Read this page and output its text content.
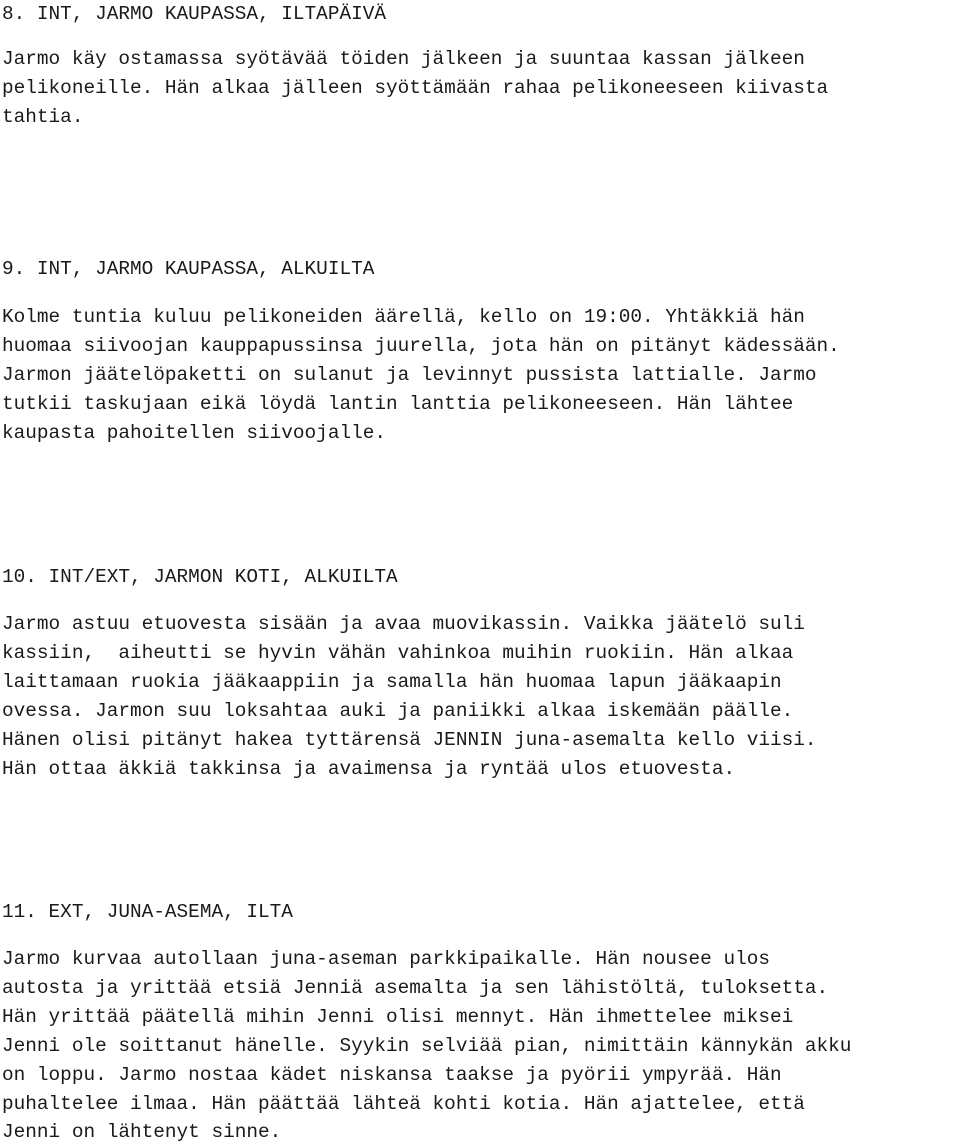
8. INT, JARMO KAUPASSA, ILTAPÄIVÄ

Jarmo käy ostamassa syötävää töiden jälkeen ja suuntaa kassan jälkeen
pelikoneille. Hän alkaa jälleen syöttämään rahaa pelikoneeseen kiivasta
tahtia.

9. INT, JARMO KAUPASSA, ALKUILTA

Kolme tuntia kuluu pelikoneiden äärellä, kello on 19:00. Yhtäkkiä hän
huomaa siivoojan kauppapussinsa juurella, jota hän on pitänyt kädessään.
Jarmon jäätelöpaketti on sulanut ja levinnyt pussista lattialle. Jarmo
tutkii taskujaan eikä löydä lantin lanttia pelikoneeseen. Hän lähtee
kaupasta pahoitellen siivoojalle.

10. INT/EXT, JARMON KOTI, ALKUILTA

Jarmo astuu etuovesta sisään ja avaa muovikassin. Vaikka jäätelö suli
kassiin,  aiheutti se hyvin vähän vahinkoa muihin ruokiin. Hän alkaa
laittamaan ruokia jääkaappiin ja samalla hän huomaa lapun jääkaapin
ovessa. Jarmon suu loksahtaa auki ja paniikki alkaa iskemään päälle.
Hänen olisi pitänyt hakea tyttärensä JENNIN juna-asemalta kello viisi.
Hän ottaa äkkiä takkinsa ja avaimensa ja ryntää ulos etuovesta.

11. EXT, JUNA-ASEMA, ILTA

Jarmo kurvaa autollaan juna-aseman parkkipaikalle. Hän nousee ulos
autosta ja yrittää etsiä Jenniä asemalta ja sen lähistöltä, tuloksetta.
Hän yrittää päätellä mihin Jenni olisi mennyt. Hän ihmettelee miksei
Jenni ole soittanut hänelle. Syykin selviää pian, nimittäin kännykän akku
on loppu. Jarmo nostaa kädet niskansa taakse ja pyörii ympyrää. Hän
puhaltelee ilmaa. Hän päättää lähteä kohti kotia. Hän ajattelee, että
Jenni on lähtenyt sinne.
